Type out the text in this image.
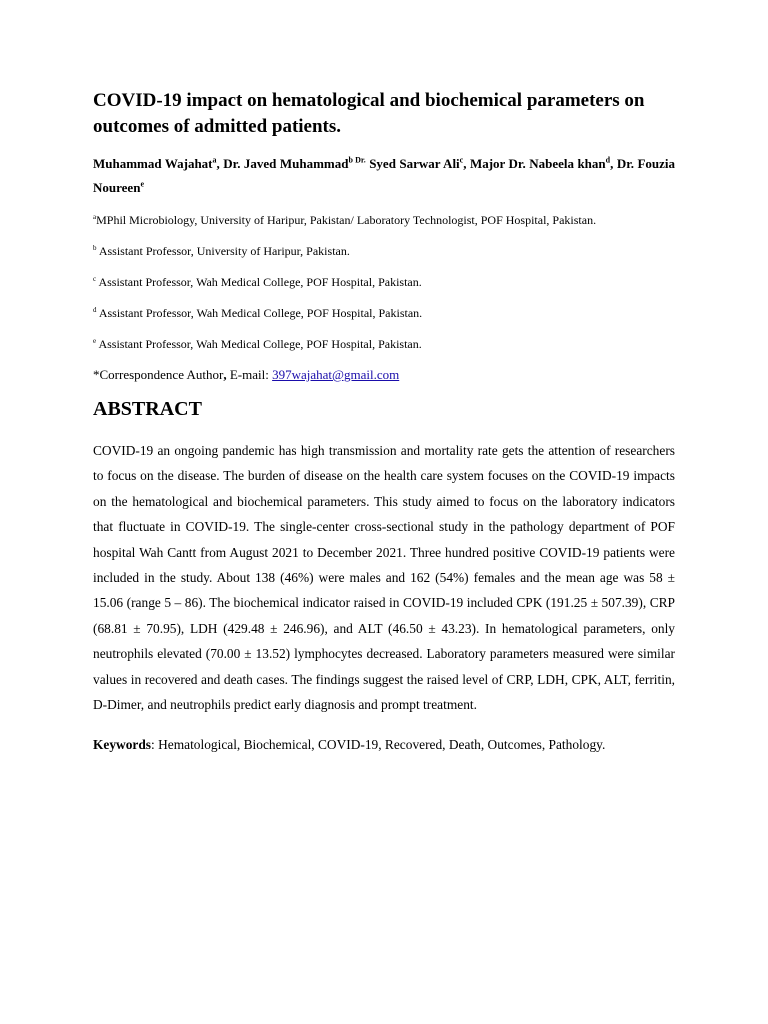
COVID-19 impact on hematological and biochemical parameters on outcomes of admitted patients.

Muhammad Wajahat$^a$, Dr. Javed Muhammad$^{b Dr.}$ Syed Sarwar Ali$^c$, Major Dr. Nabeela khan$^d$, Dr. Fouzia Noureen$^e$

$^a$MPhil Microbiology, University of Haripur, Pakistan/ Laboratory Technologist, POF Hospital, Pakistan.

$^b$ Assistant Professor, University of Haripur, Pakistan.

$^c$ Assistant Professor, Wah Medical College, POF Hospital, Pakistan.

$^d$ Assistant Professor, Wah Medical College, POF Hospital, Pakistan.

$^e$ Assistant Professor, Wah Medical College, POF Hospital, Pakistan.

*Correspondence Author, E-mail: 397wajahat@gmail.com

ABSTRACT

COVID-19 an ongoing pandemic has high transmission and mortality rate gets the attention of researchers to focus on the disease. The burden of disease on the health care system focuses on the COVID-19 impacts on the hematological and biochemical parameters. This study aimed to focus on the laboratory indicators that fluctuate in COVID-19. The single-center cross-sectional study in the pathology department of POF hospital Wah Cantt from August 2021 to December 2021. Three hundred positive COVID-19 patients were included in the study. About 138 (46%) were males and 162 (54%) females and the mean age was 58 ± 15.06 (range 5 – 86). The biochemical indicator raised in COVID-19 included CPK (191.25 ± 507.39), CRP (68.81 ± 70.95), LDH (429.48 ± 246.96), and ALT (46.50 ± 43.23). In hematological parameters, only neutrophils elevated (70.00 ± 13.52) lymphocytes decreased. Laboratory parameters measured were similar values in recovered and death cases. The findings suggest the raised level of CRP, LDH, CPK, ALT, ferritin, D-Dimer, and neutrophils predict early diagnosis and prompt treatment.

Keywords: Hematological, Biochemical, COVID-19, Recovered, Death, Outcomes, Pathology.
